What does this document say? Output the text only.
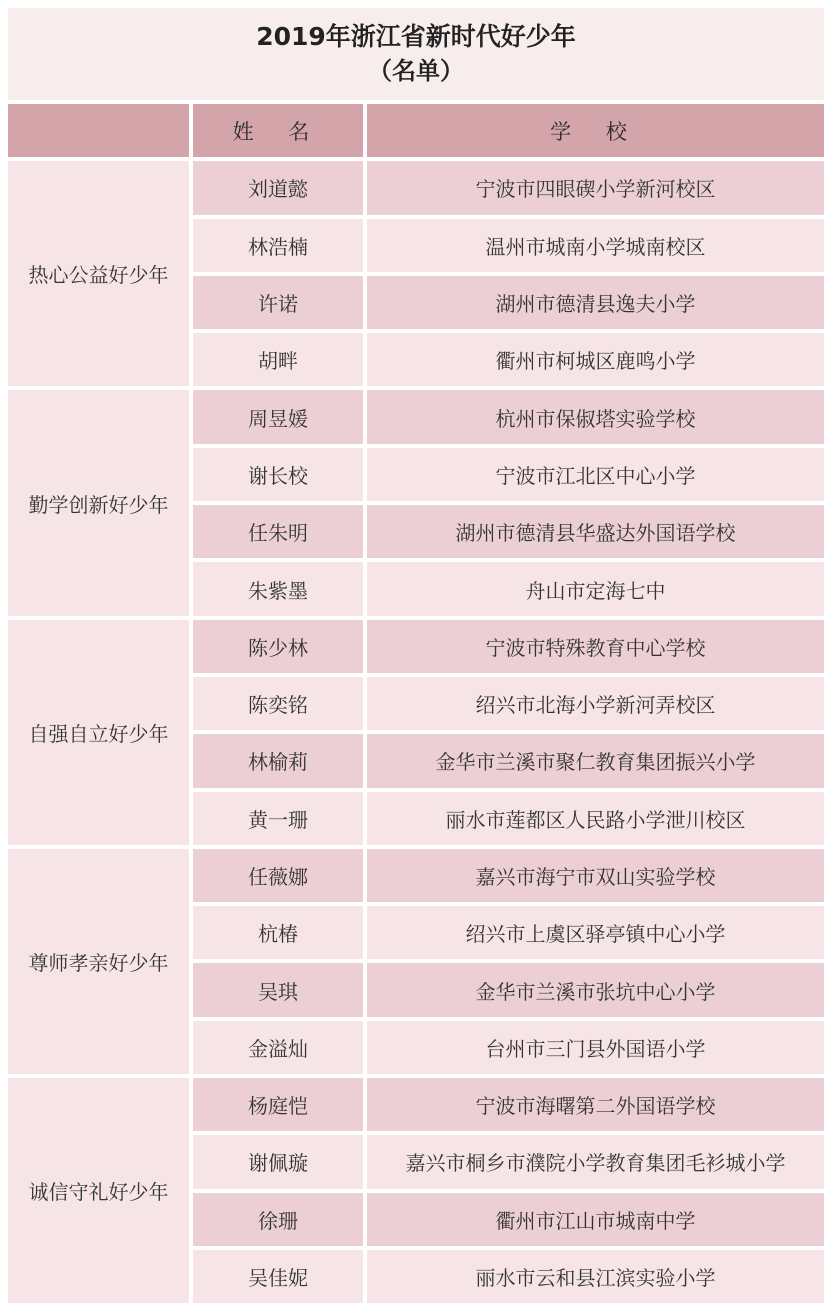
2019年浙江省新时代好少年
（名单）
姓 名	学 校
热心公益好少年
刘道懿	宁波市四眼碶小学新河校区
林浩楠	温州市城南小学城南校区
许诺	湖州市德清县逸夫小学
胡畔	衢州市柯城区鹿鸣小学
勤学创新好少年
周昱媛	杭州市保俶塔实验学校
谢长校	宁波市江北区中心小学
任朱明	湖州市德清县华盛达外国语学校
朱紫墨	舟山市定海七中
自强自立好少年
陈少林	宁波市特殊教育中心学校
陈奕铭	绍兴市北海小学新河弄校区
林榆莉	金华市兰溪市聚仁教育集团振兴小学
黄一珊	丽水市莲都区人民路小学泄川校区
尊师孝亲好少年
任薇娜	嘉兴市海宁市双山实验学校
杭椿	绍兴市上虞区驿亭镇中心小学
吴琪	金华市兰溪市张坑中心小学
金溢灿	台州市三门县外国语小学
诚信守礼好少年
杨庭恺	宁波市海曙第二外国语学校
谢佩璇	嘉兴市桐乡市濮院小学教育集团毛衫城小学
徐珊	衢州市江山市城南中学
吴佳妮	丽水市云和县江滨实验小学
